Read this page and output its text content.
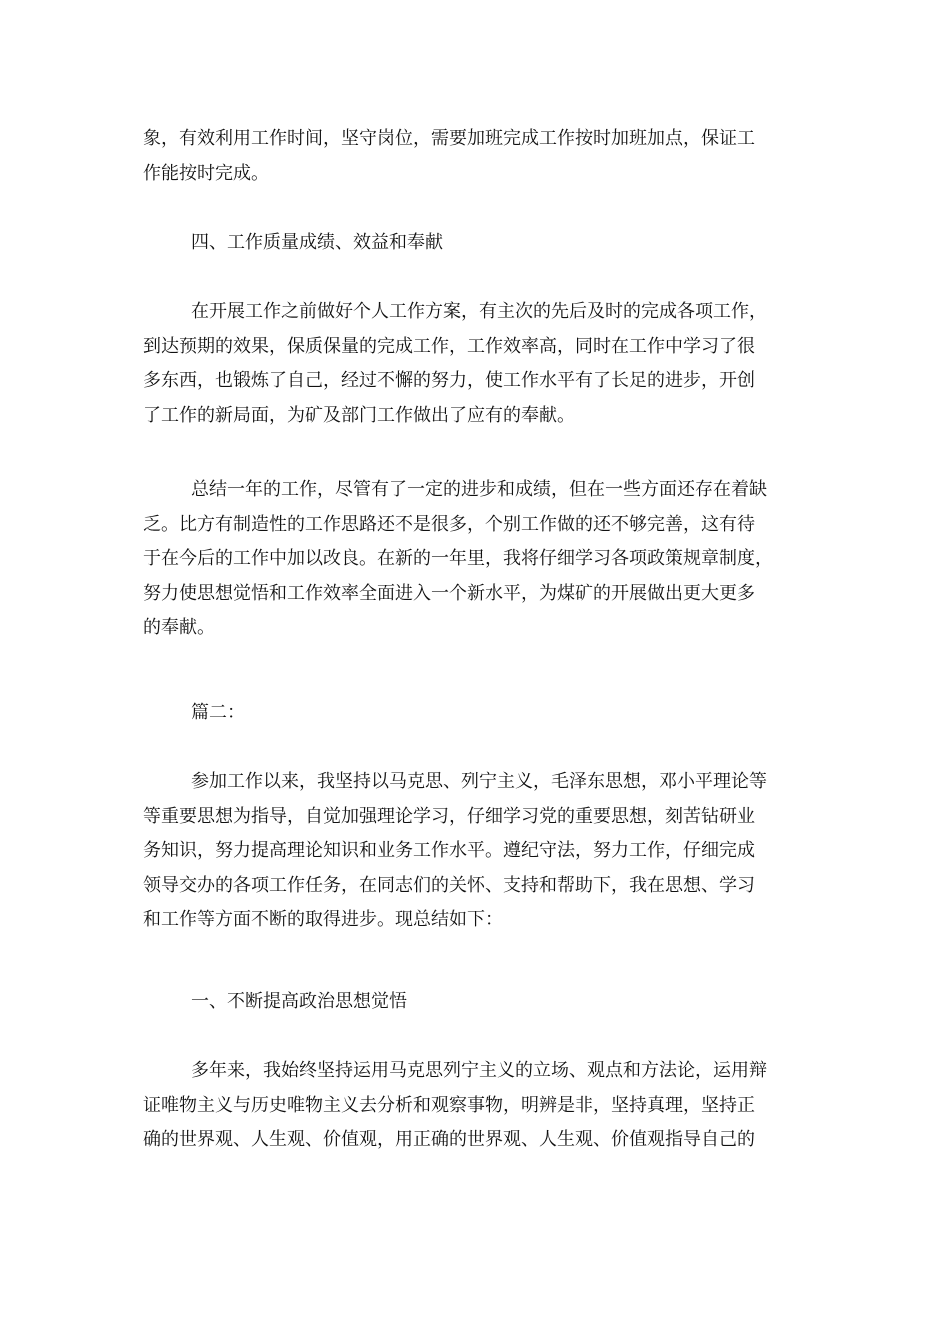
象，有效利用工作时间，坚守岗位，需要加班完成工作按时加班加点，保证工
作能按时完成。
四、工作质量成绩、效益和奉献
在开展工作之前做好个人工作方案，有主次的先后及时的完成各项工作，
到达预期的效果，保质保量的完成工作，工作效率高，同时在工作中学习了很
多东西，也锻炼了自己，经过不懈的努力，使工作水平有了长足的进步，开创
了工作的新局面，为矿及部门工作做出了应有的奉献。
总结一年的工作，尽管有了一定的进步和成绩，但在一些方面还存在着缺
乏。比方有制造性的工作思路还不是很多，个别工作做的还不够完善，这有待
于在今后的工作中加以改良。在新的一年里，我将仔细学习各项政策规章制度，
努力使思想觉悟和工作效率全面进入一个新水平，为煤矿的开展做出更大更多
的奉献。
篇二：
参加工作以来，我坚持以马克思、列宁主义，毛泽东思想，邓小平理论等
等重要思想为指导，自觉加强理论学习，仔细学习党的重要思想，刻苦钻研业
务知识，努力提高理论知识和业务工作水平。遵纪守法，努力工作，仔细完成
领导交办的各项工作任务，在同志们的关怀、支持和帮助下，我在思想、学习
和工作等方面不断的取得进步。现总结如下：
一、不断提高政治思想觉悟
多年来，我始终坚持运用马克思列宁主义的立场、观点和方法论，运用辩
证唯物主义与历史唯物主义去分析和观察事物，明辨是非，坚持真理，坚持正
确的世界观、人生观、价值观，用正确的世界观、人生观、价值观指导自己的
